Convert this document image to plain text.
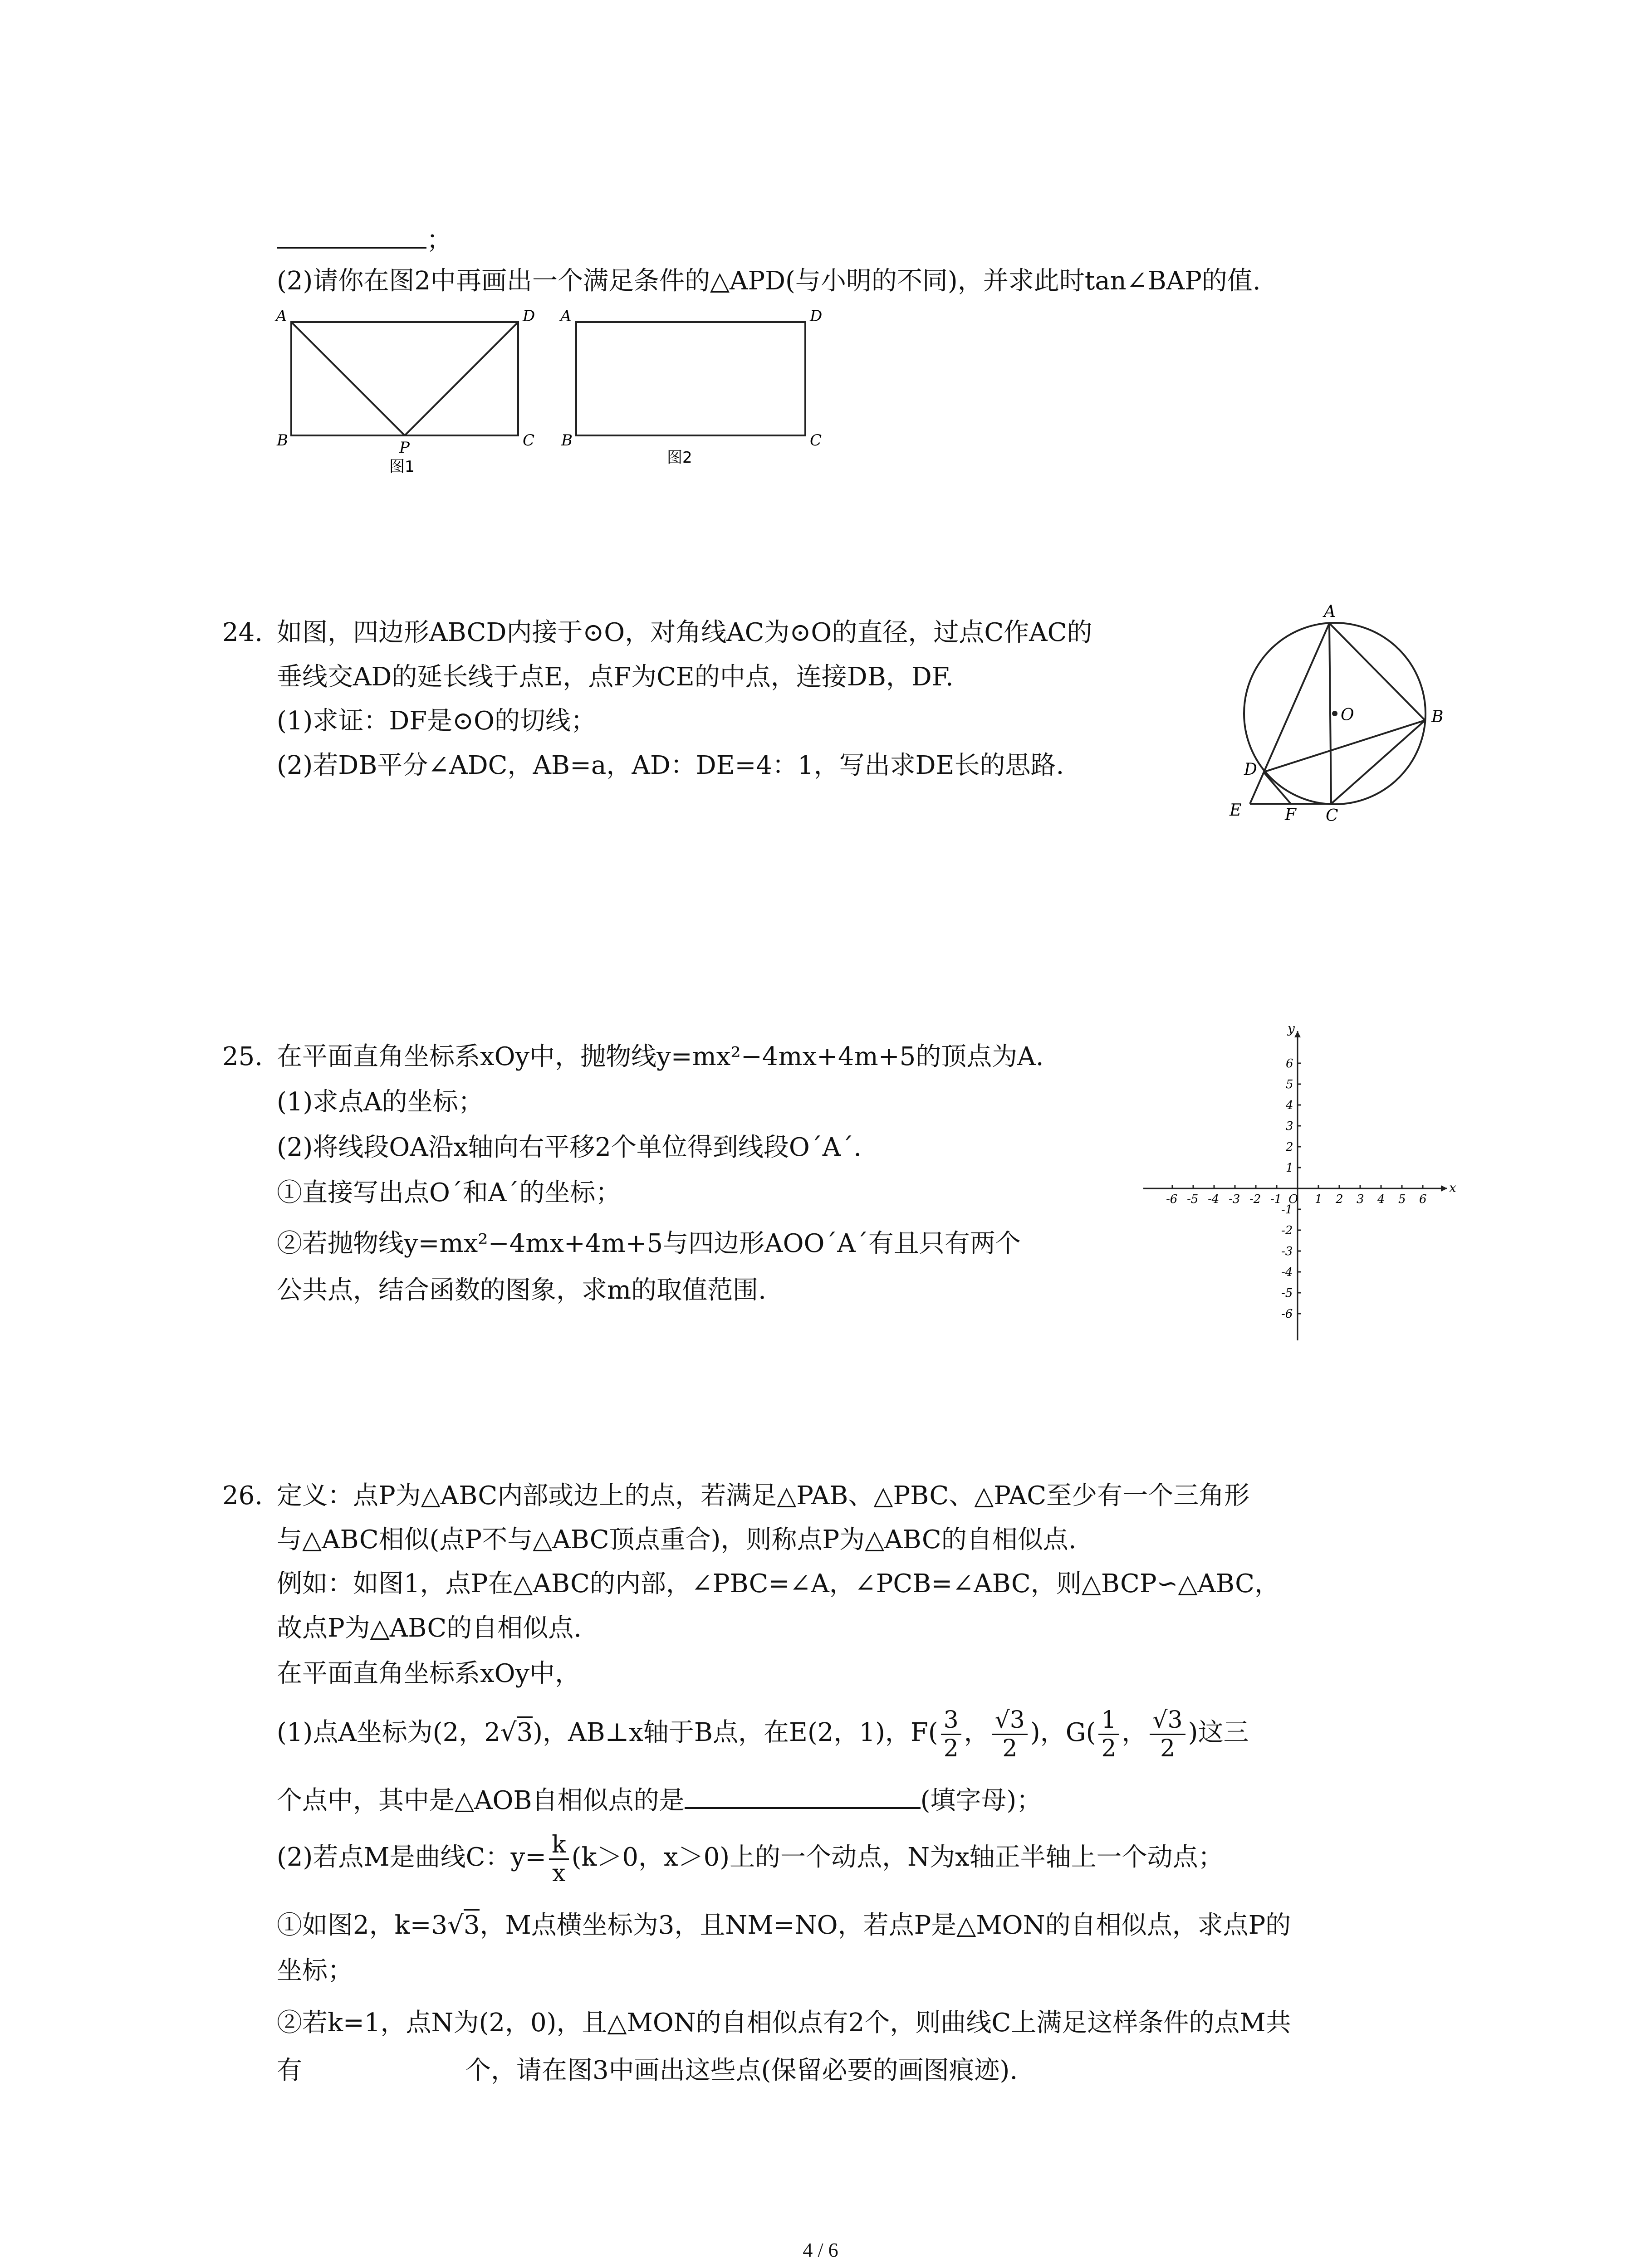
；
(2)请你在图2中再画出一个满足条件的△APD(与小明的不同)，并求此时tan∠BAP的值.
A	D
B	P	C
图1
A	D
B	C
图2
24. 如图，四边形ABCD内接于⊙O，对角线AC为⊙O的直径，过点C作AC的
垂线交AD的延长线于点E，点F为CE的中点，连接DB，DF.
(1)求证：DF是⊙O的切线；
(2)若DB平分∠ADC，AB=a，AD：DE=4：1，写出求DE长的思路.
A
O	B
D
E	F C
25. 在平面直角坐标系xOy中，抛物线y=mx²−4mx+4m+5的顶点为A.
(1)求点A的坐标；
(2)将线段OA沿x轴向右平移2个单位得到线段O´A´.
①直接写出点O´和A´的坐标；
②若抛物线y=mx²−4mx+4m+5与四边形AOO´A´有且只有两个
公共点，结合函数的图象，求m的取值范围.
x
y
O
-6 -5 -4 -3 -2 -1	1 2 3 4 5 6
6
5
4
3
2
1
-1
-2
-3
-4
-5
-6
26. 定义：点P为△ABC内部或边上的点，若满足△PAB、△PBC、△PAC至少有一个三角形
与△ABC相似(点P不与△ABC顶点重合)，则称点P为△ABC的自相似点.
例如：如图1，点P在△ABC的内部，∠PBC=∠A，∠PCB=∠ABC，则△BCP∽△ABC，
故点P为△ABC的自相似点.
在平面直角坐标系xOy中，
(1)点A坐标为(2，2√3)，AB⊥x轴于B点，在E(2，1)，$F( \frac{3}{2}$ ， $\frac{√3}{2}$ )，$G( \frac{1}{2}$ ， $\frac{√3}{2}$ )这三
个点中，其中是△AOB自相似点的是	(填字母)；
(2)若点M是曲线C：$y= \frac{k}{x} (k>0$，x＞0)上的一个动点，N为x轴正半轴上一个动点；
①如图2，k=3√3，M点横坐标为3，且NM=NO，若点P是△MON的自相似点，求点P的
坐标；
②若k=1，点N为(2，0)，且△MON的自相似点有2个，则曲线C上满足这样条件的点M共
有	个，请在图3中画出这些点(保留必要的画图痕迹).
4 / 6
